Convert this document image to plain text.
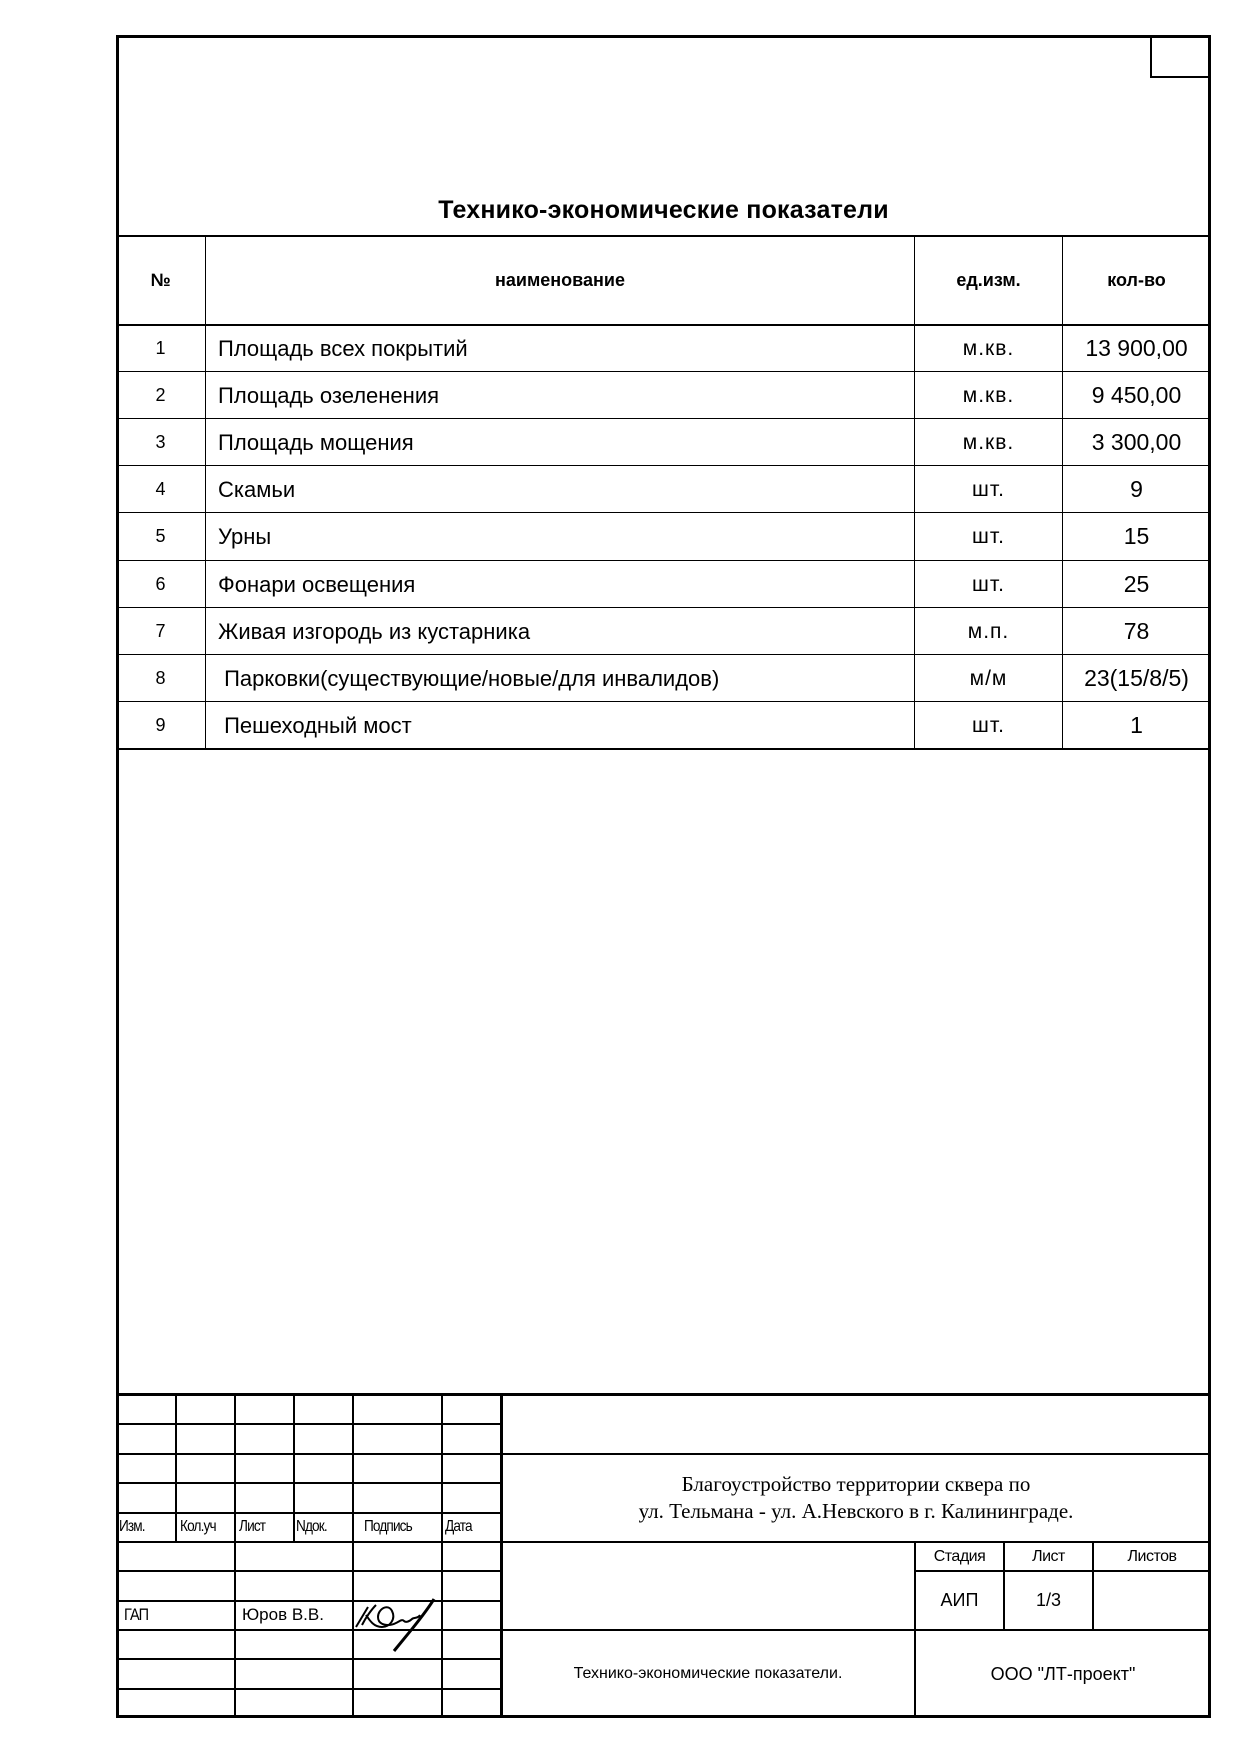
Технико-экономические показатели
№	наименование	ед.изм.	кол-во
1	Площадь всех покрытий	м.кв.	13 900,00
2	Площадь озеленения	м.кв.	9 450,00
3	Площадь мощения	м.кв.	3 300,00
4	Скамьи	шт.	9
5	Урны	шт.	15
6	Фонари освещения	шт.	25
7	Живая изгородь из кустарника	м.п.	78
8	Парковки(существующие/новые/для инвалидов)	м/м	23(15/8/5)
9	Пешеходный мост	шт.	1
Изм.	Кол.уч	Лист	Nдок.	Подпись	Дата
ГАП	Юров В.В.
Благоустройство территории сквера по
ул. Тельмана - ул. А.Невского в г. Калининграде.
Стадия	Лист	Листов
АИП	1/3
Технико-экономические показатели.	ООО "ЛТ-проект"
